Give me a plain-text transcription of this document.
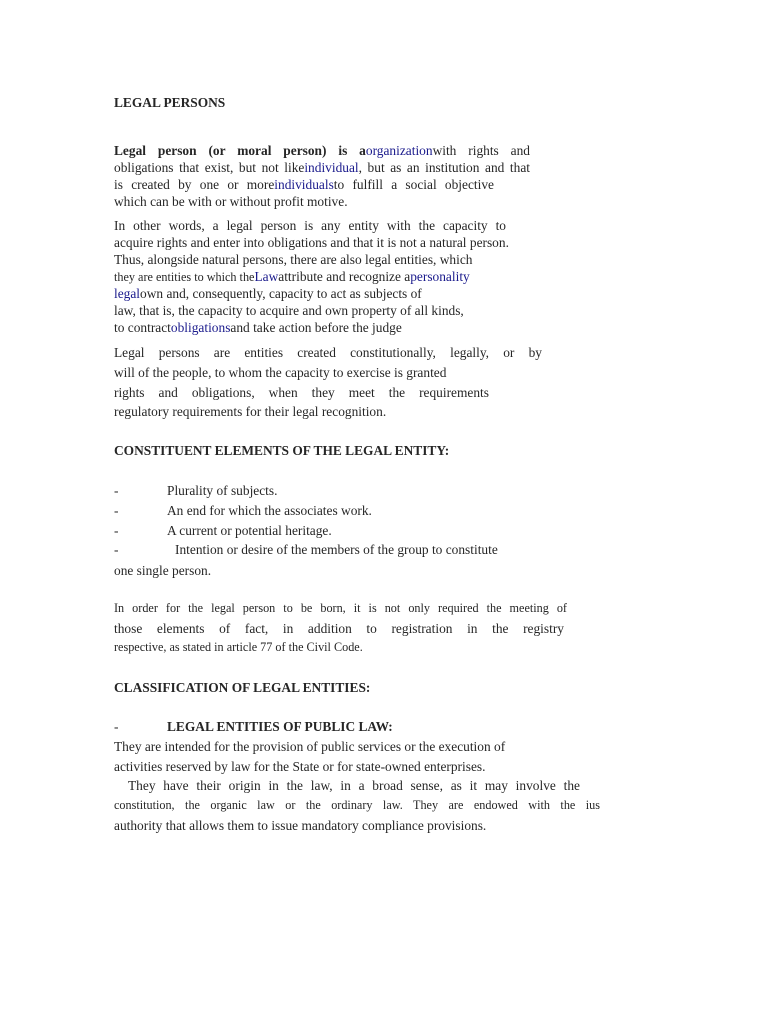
LEGAL PERSONS
Legal person (or moral person) is aorganizationwith rights and
obligations that exist, but not likeindividual, but as an institution and that
is created by one or moreindividualsto fulfill a social objective
which can be with or without profit motive.
In other words, a legal person is any entity with the capacity to
acquire rights and enter into obligations and that it is not a natural person.
Thus, alongside natural persons, there are also legal entities, which
they are entities to which theLawattribute and recognize apersonality
legalown and, consequently, capacity to act as subjects of
law, that is, the capacity to acquire and own property of all kinds,
to contractobligationsand take action before the judge
Legal persons are entities created constitutionally, legally, or by
will of the people, to whom the capacity to exercise is granted
rights and obligations, when they meet the requirements
regulatory requirements for their legal recognition.
CONSTITUENT ELEMENTS OF THE LEGAL ENTITY:
-	Plurality of subjects.
-	An end for which the associates work.
-	A current or potential heritage.
-	Intention or desire of the members of the group to constitute
one single person.
In order for the legal person to be born, it is not only required the meeting of
those elements of fact, in addition to registration in the registry
respective, as stated in article 77 of the Civil Code.
CLASSIFICATION OF LEGAL ENTITIES:
-	LEGAL ENTITIES OF PUBLIC LAW:
They are intended for the provision of public services or the execution of
activities reserved by law for the State or for state-owned enterprises.
They have their origin in the law, in a broad sense, as it may involve the
constitution, the organic law or the ordinary law. They are endowed with the ius
authority that allows them to issue mandatory compliance provisions.
